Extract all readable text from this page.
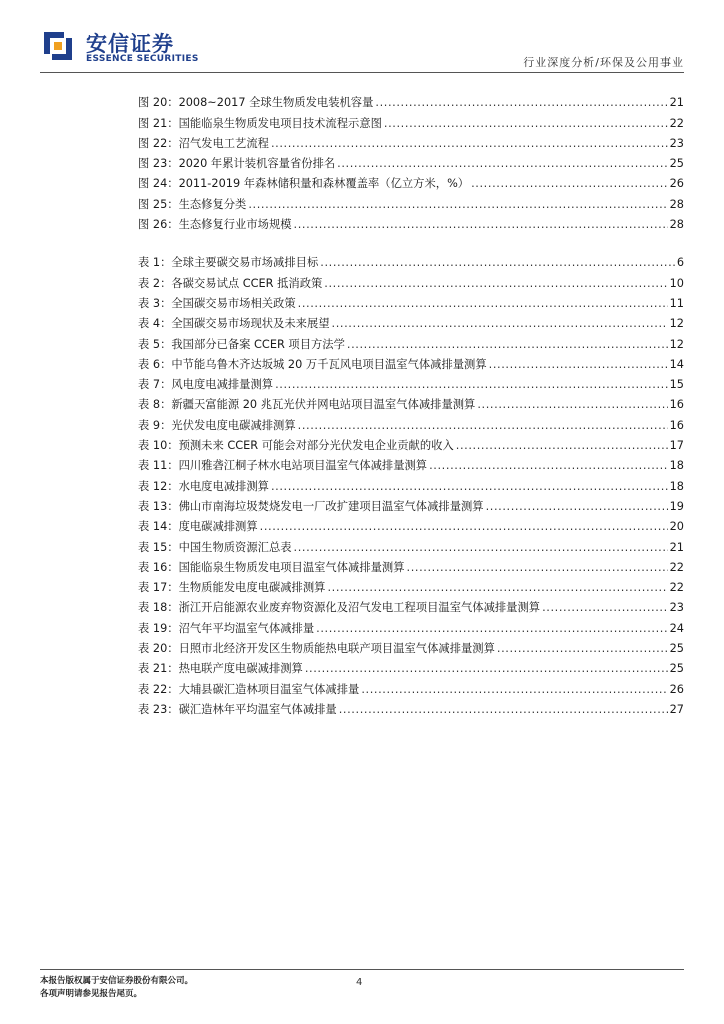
安信证券
ESSENCE SECURITIES	行业深度分析/环保及公用事业
图 20： 2008~2017 全球生物质发电装机容量 .....	21
图 21： 国能临泉生物质发电项目技术流程示意图 .....	22
图 22： 沼气发电工艺流程 .....	23
图 23： 2020 年累计装机容量省份排名 .....	25
图 24： 2011-2019 年森林储积量和森林覆盖率（亿立方米，%） .....	26
图 25： 生态修复分类 .....	28
图 26： 生态修复行业市场规模 .....	28
表 1： 全球主要碳交易市场减排目标 .....	6
表 2： 各碳交易试点 CCER 抵消政策 .....	10
表 3： 全国碳交易市场相关政策 .....	11
表 4： 全国碳交易市场现状及未来展望 .....	12
表 5： 我国部分已备案 CCER 项目方法学 .....	12
表 6： 中节能乌鲁木齐达坂城 20 万千瓦风电项目温室气体减排量测算 .....	14
表 7： 风电度电减排量测算 .....	15
表 8： 新疆天富能源 20 兆瓦光伏并网电站项目温室气体减排量测算 .....	16
表 9： 光伏发电度电碳减排测算 .....	16
表 10： 预测未来 CCER 可能会对部分光伏发电企业贡献的收入 .....	17
表 11： 四川雅砻江桐子林水电站项目温室气体减排量测算 .....	18
表 12： 水电度电减排测算 .....	18
表 13： 佛山市南海垃圾焚烧发电一厂改扩建项目温室气体减排量测算 .....	19
表 14： 度电碳减排测算 .....	20
表 15： 中国生物质资源汇总表 .....	21
表 16： 国能临泉生物质发电项目温室气体减排量测算 .....	22
表 17： 生物质能发电度电碳减排测算 .....	22
表 18： 浙江开启能源农业废弃物资源化及沼气发电工程项目温室气体减排量测算 .....	23
表 19： 沼气年平均温室气体减排量 .....	24
表 20： 日照市北经济开发区生物质能热电联产项目温室气体减排量测算 .....	25
表 21： 热电联产度电碳减排测算 .....	25
表 22： 大埔县碳汇造林项目温室气体减排量 .....	26
表 23： 碳汇造林年平均温室气体减排量 .....	27
本报告版权属于安信证券股份有限公司。
各项声明请参见报告尾页。
4
